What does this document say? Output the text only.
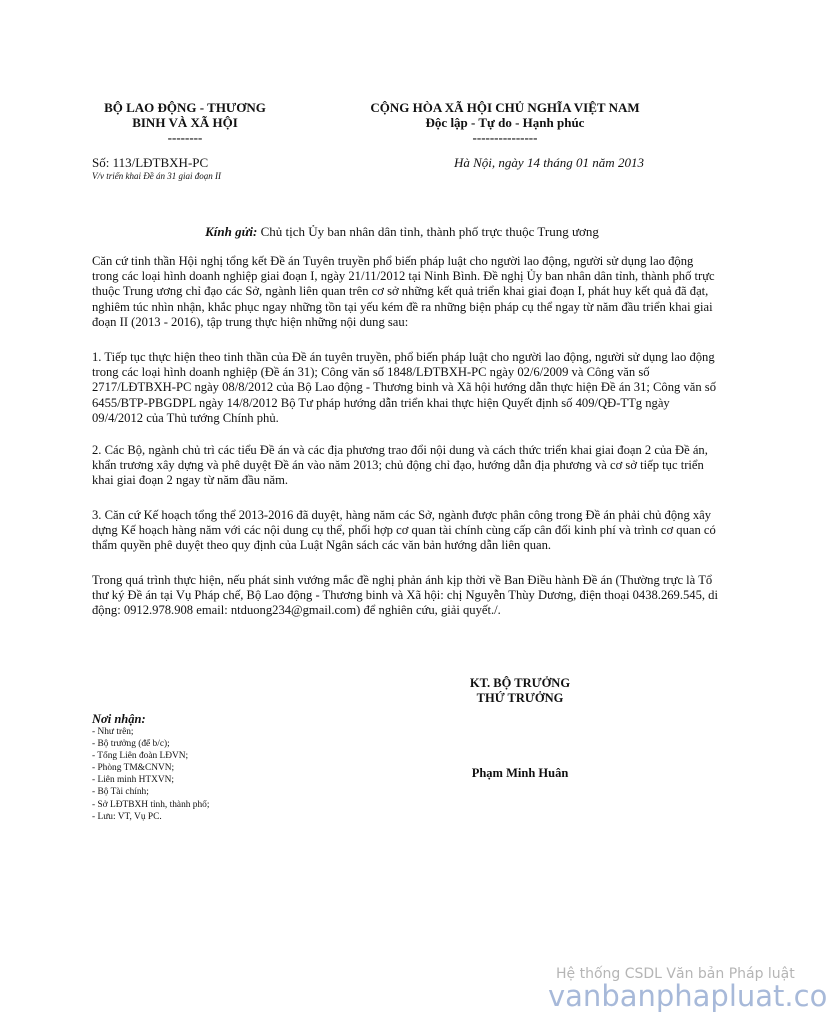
BỘ LAO ĐỘNG - THƯƠNG
BINH VÀ XÃ HỘI
--------
CỘNG HÒA XÃ HỘI CHỦ NGHĨA VIỆT NAM
Độc lập - Tự do - Hạnh phúc
---------------
Số: 113/LĐTBXH-PC
V/v triển khai Đề án 31 giai đoạn II
Hà Nội, ngày 14 tháng 01 năm 2013
Kính gửi: Chủ tịch Ủy ban nhân dân tỉnh, thành phố trực thuộc Trung ương
Căn cứ tinh thần Hội nghị tổng kết Đề án Tuyên truyền phổ biến pháp luật cho người lao động, người sử dụng lao động trong các loại hình doanh nghiệp giai đoạn I, ngày 21/11/2012 tại Ninh Bình. Đề nghị Ủy ban nhân dân tỉnh, thành phố trực thuộc Trung ương chỉ đạo các Sở, ngành liên quan trên cơ sở những kết quả triển khai giai đoạn I, phát huy kết quả đã đạt, nghiêm túc nhìn nhận, khắc phục ngay những tồn tại yếu kém đề ra những biện pháp cụ thể ngay từ năm đầu triển khai giai đoạn II (2013 - 2016), tập trung thực hiện những nội dung sau:
1. Tiếp tục thực hiện theo tinh thần của Đề án tuyên truyền, phổ biến pháp luật cho người lao động, người sử dụng lao động trong các loại hình doanh nghiệp (Đề án 31); Công văn số 1848/LĐTBXH-PC ngày 02/6/2009 và Công văn số 2717/LĐTBXH-PC ngày 08/8/2012 của Bộ Lao động - Thương binh và Xã hội hướng dẫn thực hiện Đề án 31; Công văn số 6455/BTP-PBGDPL ngày 14/8/2012 Bộ Tư pháp hướng dẫn triển khai thực hiện Quyết định số 409/QĐ-TTg ngày 09/4/2012 của Thủ tướng Chính phủ.
2. Các Bộ, ngành chủ trì các tiểu Đề án và các địa phương trao đổi nội dung và cách thức triển khai giai đoạn 2 của Đề án, khẩn trương xây dựng và phê duyệt Đề án vào năm 2013; chủ động chỉ đạo, hướng dẫn địa phương và cơ sở tiếp tục triển khai giai đoạn 2 ngay từ năm đầu năm.
3. Căn cứ Kế hoạch tổng thể 2013-2016 đã duyệt, hàng năm các Sở, ngành được phân công trong Đề án phải chủ động xây dựng Kế hoạch hàng năm với các nội dung cụ thể, phối hợp cơ quan tài chính cùng cấp cân đối kinh phí và trình cơ quan có thẩm quyền phê duyệt theo quy định của Luật Ngân sách các văn bản hướng dẫn liên quan.
Trong quá trình thực hiện, nếu phát sinh vướng mắc đề nghị phản ánh kịp thời về Ban Điều hành Đề án (Thường trực là Tổ thư ký Đề án tại Vụ Pháp chế, Bộ Lao động - Thương binh và Xã hội: chị Nguyễn Thùy Dương, điện thoại 0438.269.545, di động: 0912.978.908 email: ntduong234@gmail.com) để nghiên cứu, giải quyết./.
KT. BỘ TRƯỞNG
THỨ TRƯỞNG
Phạm Minh Huân
Nơi nhận:
- Như trên;
- Bộ trưởng (để b/c);
- Tổng Liên đoàn LĐVN;
- Phòng TM&CNVN;
- Liên minh HTXVN;
- Bộ Tài chính;
- Sở LĐTBXH tỉnh, thành phố;
- Lưu: VT, Vụ PC.
Hệ thống CSDL Văn bản Pháp luật
vanbanphapluat.co
